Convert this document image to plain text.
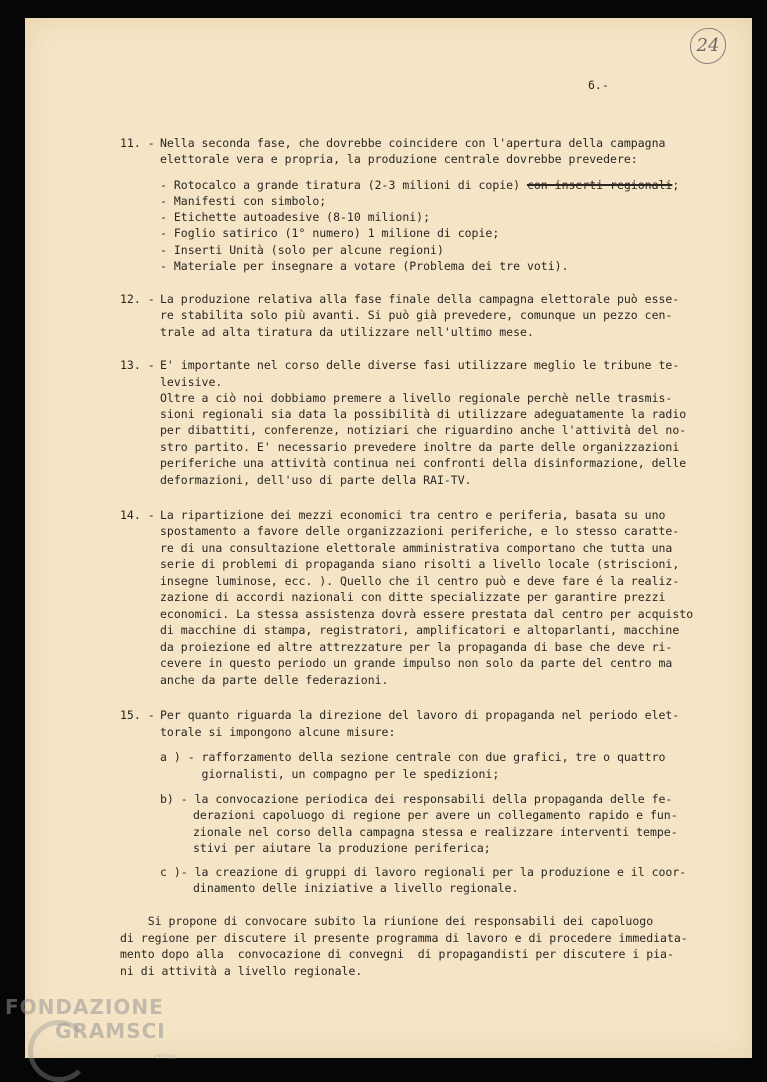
24
6.-
11. - Nella seconda fase, che dovrebbe coincidere con l'apertura della campagna
elettorale vera e propria, la produzione centrale dovrebbe prevedere:
- Rotocalco a grande tiratura (2-3 milioni di copie) con inserti regionali;
- Manifesti con simbolo;
- Etichette autoadesive (8-10 milioni);
- Foglio satirico (1° numero) 1 milione di copie;
- Inserti Unità (solo per alcune regioni)
- Materiale per insegnare a votare (Problema dei tre voti).
12. - La produzione relativa alla fase finale della campagna elettorale può esse-
re stabilita solo più avanti. Si può già prevedere, comunque un pezzo cen-
trale ad alta tiratura da utilizzare nell'ultimo mese.
13. - E' importante nel corso delle diverse fasi utilizzare meglio le tribune te-
levisive.
Oltre a ciò noi dobbiamo premere a livello regionale perchè nelle trasmis-
sioni regionali sia data la possibilità di utilizzare adeguatamente la radio
per dibattiti, conferenze, notiziari che riguardino anche l'attività del no-
stro partito. E' necessario prevedere inoltre da parte delle organizzazioni
periferiche una attività continua nei confronti della disinformazione, delle
deformazioni, dell'uso di parte della RAI-TV.
14. - La ripartizione dei mezzi economici tra centro e periferia, basata su uno
spostamento a favore delle organizzazioni periferiche, e lo stesso caratte-
re di una consultazione elettorale amministrativa comportano che tutta una
serie di problemi di propaganda siano risolti a livello locale (striscioni,
insegne luminose, ecc. ). Quello che il centro può e deve fare é la realiz-
zazione di accordi nazionali con ditte specializzate per garantire prezzi
economici. La stessa assistenza dovrà essere prestata dal centro per acquisto
di macchine di stampa, registratori, amplificatori e altoparlanti, macchine
da proiezione ed altre attrezzature per la propaganda di base che deve ri-
cevere in questo periodo un grande impulso non solo da parte del centro ma
anche da parte delle federazioni.
15. - Per quanto riguarda la direzione del lavoro di propaganda nel periodo elet-
torale si impongono alcune misure:
a ) - rafforzamento della sezione centrale con due grafici, tre o quattro
giornalisti, un compagno per le spedizioni;
b) - la convocazione periodica dei responsabili della propaganda delle fe-
derazioni capoluogo di regione per avere un collegamento rapido e fun-
zionale nel corso della campagna stessa e realizzare interventi tempe-
stivi per aiutare la produzione periferica;
c )- la creazione di gruppi di lavoro regionali per la produzione e il coor-
dinamento delle iniziative a livello regionale.
Si propone di convocare subito la riunione dei responsabili dei capoluogo
di regione per discutere il presente programma di lavoro e di procedere immediata-
mento dopo alla  convocazione di convegni  di propagandisti per discutere i pia-
ni di attività a livello regionale.
FONDAZIONE
GRAMSCI
onlus
